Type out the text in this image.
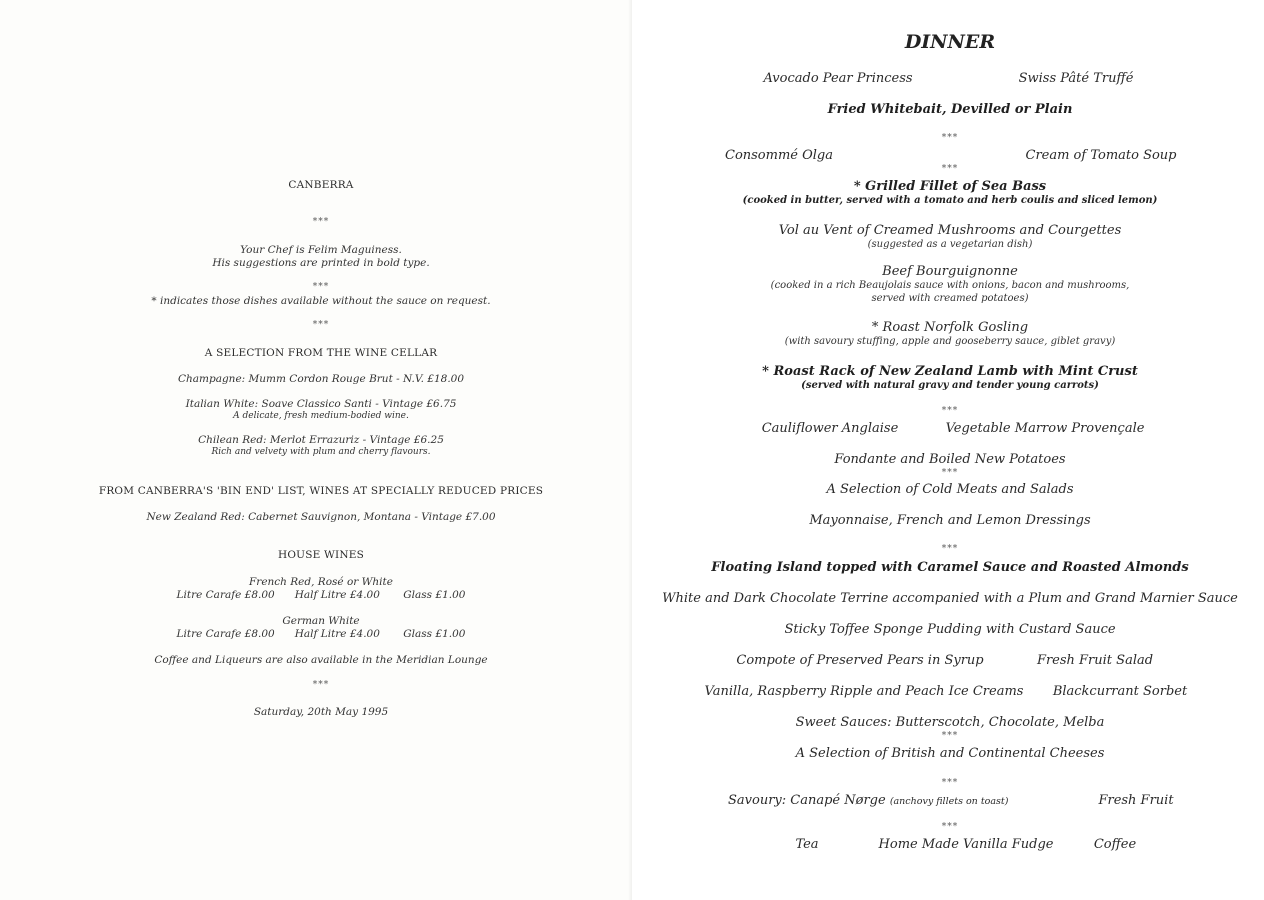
CANBERRA
***
Your Chef is Felim Maguiness.
His suggestions are printed in bold type.
***
* indicates those dishes available without the sauce on request.
***
A SELECTION FROM THE WINE CELLAR
Champagne: Mumm Cordon Rouge Brut - N.V. £18.00
Italian White: Soave Classico Santi - Vintage £6.75
A delicate, fresh medium-bodied wine.
Chilean Red: Merlot Errazuriz - Vintage £6.25
Rich and velvety with plum and cherry flavours.
FROM CANBERRA'S 'BIN END' LIST, WINES AT SPECIALLY REDUCED PRICES
New Zealand Red: Cabernet Sauvignon, Montana - Vintage £7.00
HOUSE WINES
French Red, Rosé or White
Litre Carafe £8.00      Half Litre £4.00       Glass £1.00
German White
Litre Carafe £8.00      Half Litre £4.00       Glass £1.00
Coffee and Liqueurs are also available in the Meridian Lounge
***
Saturday, 20th May 1995
DINNER
Avocado Pear Princess	Swiss Pâté Truffé
Fried Whitebait, Devilled or Plain
***
Consommé Olga	Cream of Tomato Soup
***
* Grilled Fillet of Sea Bass
(cooked in butter, served with a tomato and herb coulis and sliced lemon)
Vol au Vent of Creamed Mushrooms and Courgettes
(suggested as a vegetarian dish)
Beef Bourguignonne
(cooked in a rich Beaujolais sauce with onions, bacon and mushrooms,
served with creamed potatoes)
* Roast Norfolk Gosling
(with savoury stuffing, apple and gooseberry sauce, giblet gravy)
* Roast Rack of New Zealand Lamb with Mint Crust
(served with natural gravy and tender young carrots)
***
Cauliflower Anglaise	Vegetable Marrow Provençale
Fondante and Boiled New Potatoes
***
A Selection of Cold Meats and Salads
Mayonnaise, French and Lemon Dressings
***
Floating Island topped with Caramel Sauce and Roasted Almonds
White and Dark Chocolate Terrine accompanied with a Plum and Grand Marnier Sauce
Sticky Toffee Sponge Pudding with Custard Sauce
Compote of Preserved Pears in Syrup	Fresh Fruit Salad
Vanilla, Raspberry Ripple and Peach Ice Creams Blackcurrant Sorbet
Sweet Sauces: Butterscotch, Chocolate, Melba
***
A Selection of British and Continental Cheeses
***
Savoury: Canapé Nørge (anchovy fillets on toast)	Fresh Fruit
***
Tea	Home Made Vanilla Fudge	Coffee
